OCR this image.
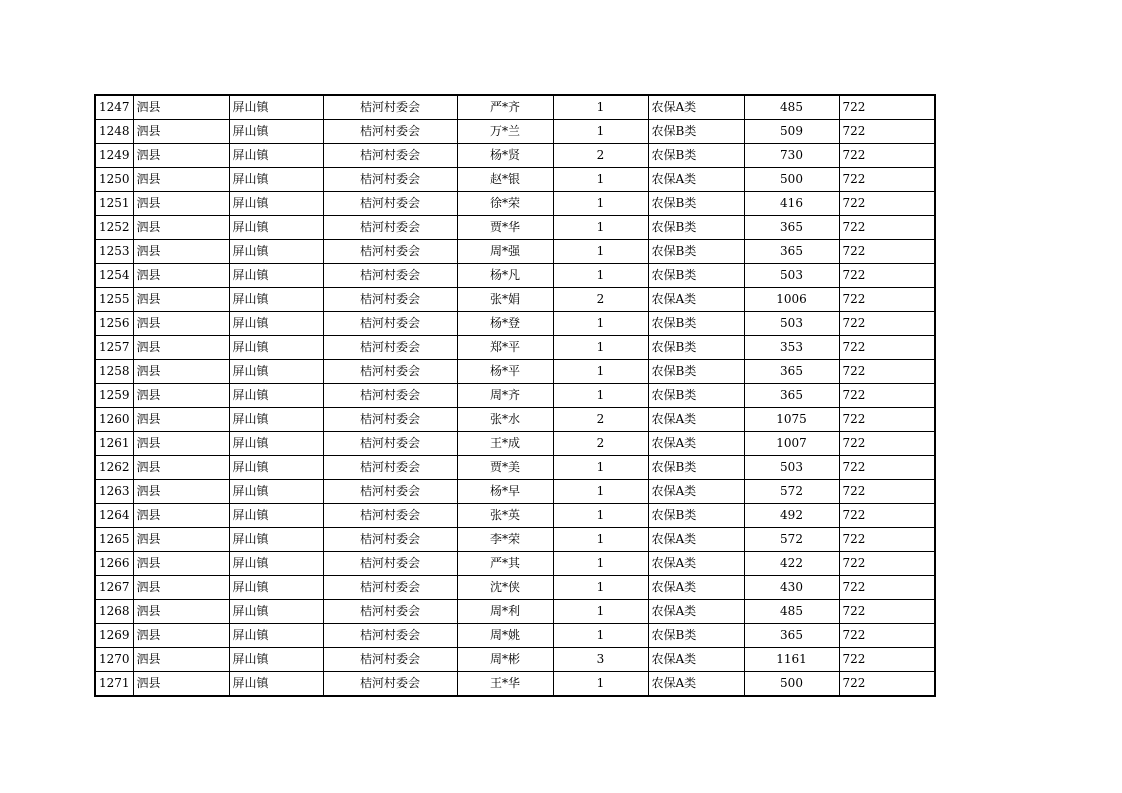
1247	泗县	屏山镇	桔河村委会	严*齐	1	农保A类	485	722
1248	泗县	屏山镇	桔河村委会	万*兰	1	农保B类	509	722
1249	泗县	屏山镇	桔河村委会	杨*贤	2	农保B类	730	722
1250	泗县	屏山镇	桔河村委会	赵*银	1	农保A类	500	722
1251	泗县	屏山镇	桔河村委会	徐*荣	1	农保B类	416	722
1252	泗县	屏山镇	桔河村委会	贾*华	1	农保B类	365	722
1253	泗县	屏山镇	桔河村委会	周*强	1	农保B类	365	722
1254	泗县	屏山镇	桔河村委会	杨*凡	1	农保B类	503	722
1255	泗县	屏山镇	桔河村委会	张*娟	2	农保A类	1006	722
1256	泗县	屏山镇	桔河村委会	杨*登	1	农保B类	503	722
1257	泗县	屏山镇	桔河村委会	郑*平	1	农保B类	353	722
1258	泗县	屏山镇	桔河村委会	杨*平	1	农保B类	365	722
1259	泗县	屏山镇	桔河村委会	周*齐	1	农保B类	365	722
1260	泗县	屏山镇	桔河村委会	张*水	2	农保A类	1075	722
1261	泗县	屏山镇	桔河村委会	王*成	2	农保A类	1007	722
1262	泗县	屏山镇	桔河村委会	贾*美	1	农保B类	503	722
1263	泗县	屏山镇	桔河村委会	杨*早	1	农保A类	572	722
1264	泗县	屏山镇	桔河村委会	张*英	1	农保B类	492	722
1265	泗县	屏山镇	桔河村委会	李*荣	1	农保A类	572	722
1266	泗县	屏山镇	桔河村委会	严*其	1	农保A类	422	722
1267	泗县	屏山镇	桔河村委会	沈*侠	1	农保A类	430	722
1268	泗县	屏山镇	桔河村委会	周*利	1	农保A类	485	722
1269	泗县	屏山镇	桔河村委会	周*姚	1	农保B类	365	722
1270	泗县	屏山镇	桔河村委会	周*彬	3	农保A类	1161	722
1271	泗县	屏山镇	桔河村委会	王*华	1	农保A类	500	722
